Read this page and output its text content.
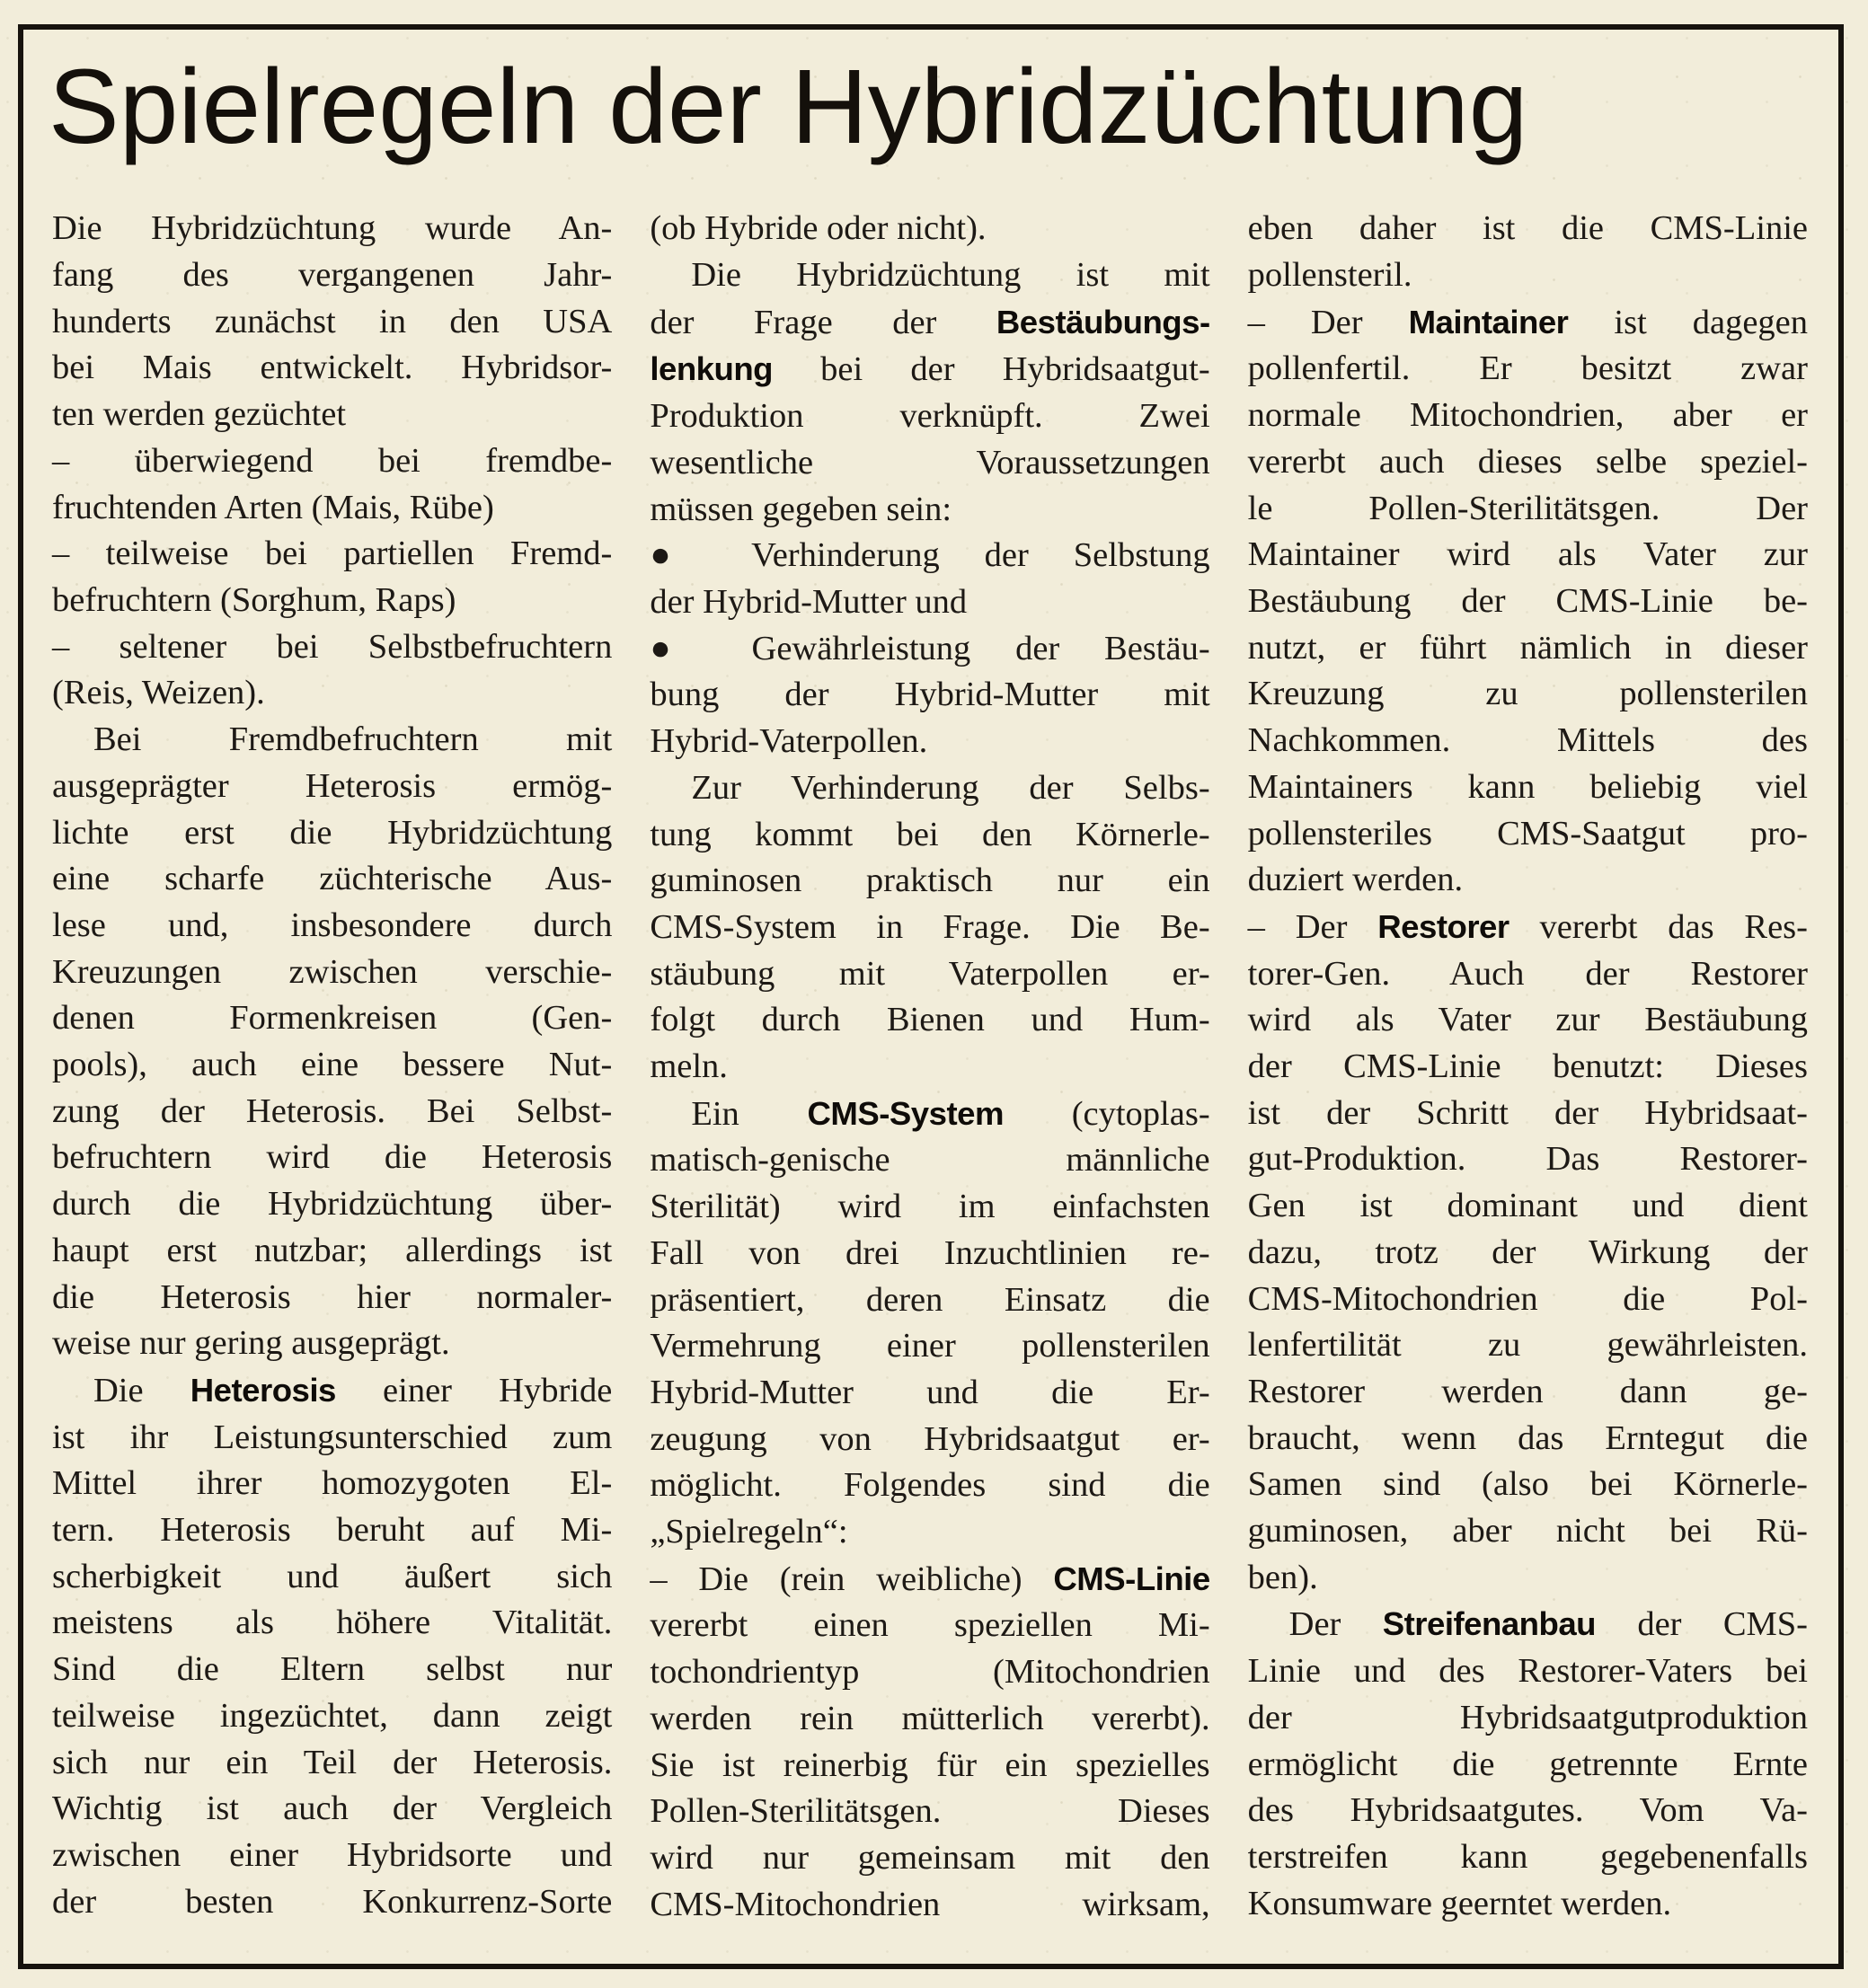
Spielregeln der Hybridzüchtung
Die Hybridzüchtung wurde An-
fang des vergangenen Jahr-
hunderts zunächst in den USA
bei Mais entwickelt. Hybridsor-
ten werden gezüchtet
– überwiegend bei fremdbe-
fruchtenden Arten (Mais, Rübe)
– teilweise bei partiellen Fremd-
befruchtern (Sorghum, Raps)
– seltener bei Selbstbefruchtern
(Reis, Weizen).
Bei Fremdbefruchtern mit
ausgeprägter Heterosis ermög-
lichte erst die Hybridzüchtung
eine scharfe züchterische Aus-
lese und, insbesondere durch
Kreuzungen zwischen verschie-
denen Formenkreisen (Gen-
pools), auch eine bessere Nut-
zung der Heterosis. Bei Selbst-
befruchtern wird die Heterosis
durch die Hybridzüchtung über-
haupt erst nutzbar; allerdings ist
die Heterosis hier normaler-
weise nur gering ausgeprägt.
Die Heterosis einer Hybride
ist ihr Leistungsunterschied zum
Mittel ihrer homozygoten El-
tern. Heterosis beruht auf Mi-
scherbigkeit und äußert sich
meistens als höhere Vitalität.
Sind die Eltern selbst nur
teilweise ingezüchtet, dann zeigt
sich nur ein Teil der Heterosis.
Wichtig ist auch der Vergleich
zwischen einer Hybridsorte und
der besten Konkurrenz-Sorte
(ob Hybride oder nicht).
Die Hybridzüchtung ist mit
der Frage der Bestäubungs-
lenkung bei der Hybridsaatgut-
Produktion verknüpft. Zwei
wesentliche Voraussetzungen
müssen gegeben sein:
● Verhinderung der Selbstung
der Hybrid-Mutter und
● Gewährleistung der Bestäu-
bung der Hybrid-Mutter mit
Hybrid-Vaterpollen.
Zur Verhinderung der Selbs-
tung kommt bei den Körnerle-
guminosen praktisch nur ein
CMS-System in Frage. Die Be-
stäubung mit Vaterpollen er-
folgt durch Bienen und Hum-
meln.
Ein CMS-System (cytoplas-
matisch-genische männliche
Sterilität) wird im einfachsten
Fall von drei Inzuchtlinien re-
präsentiert, deren Einsatz die
Vermehrung einer pollensterilen
Hybrid-Mutter und die Er-
zeugung von Hybridsaatgut er-
möglicht. Folgendes sind die
„Spielregeln“:
– Die (rein weibliche) CMS-Linie
vererbt einen speziellen Mi-
tochondrientyp (Mitochondrien
werden rein mütterlich vererbt).
Sie ist reinerbig für ein spezielles
Pollen-Sterilitätsgen. Dieses
wird nur gemeinsam mit den
CMS-Mitochondrien wirksam,
eben daher ist die CMS-Linie
pollensteril.
– Der Maintainer ist dagegen
pollenfertil. Er besitzt zwar
normale Mitochondrien, aber er
vererbt auch dieses selbe speziel-
le Pollen-Sterilitätsgen. Der
Maintainer wird als Vater zur
Bestäubung der CMS-Linie be-
nutzt, er führt nämlich in dieser
Kreuzung zu pollensterilen
Nachkommen. Mittels des
Maintainers kann beliebig viel
pollensteriles CMS-Saatgut pro-
duziert werden.
– Der Restorer vererbt das Res-
torer-Gen. Auch der Restorer
wird als Vater zur Bestäubung
der CMS-Linie benutzt: Dieses
ist der Schritt der Hybridsaat-
gut-Produktion. Das Restorer-
Gen ist dominant und dient
dazu, trotz der Wirkung der
CMS-Mitochondrien die Pol-
lenfertilität zu gewährleisten.
Restorer werden dann ge-
braucht, wenn das Erntegut die
Samen sind (also bei Körnerle-
guminosen, aber nicht bei Rü-
ben).
Der Streifenanbau der CMS-
Linie und des Restorer-Vaters bei
der Hybridsaatgutproduktion
ermöglicht die getrennte Ernte
des Hybridsaatgutes. Vom Va-
terstreifen kann gegebenenfalls
Konsumware geerntet werden.
